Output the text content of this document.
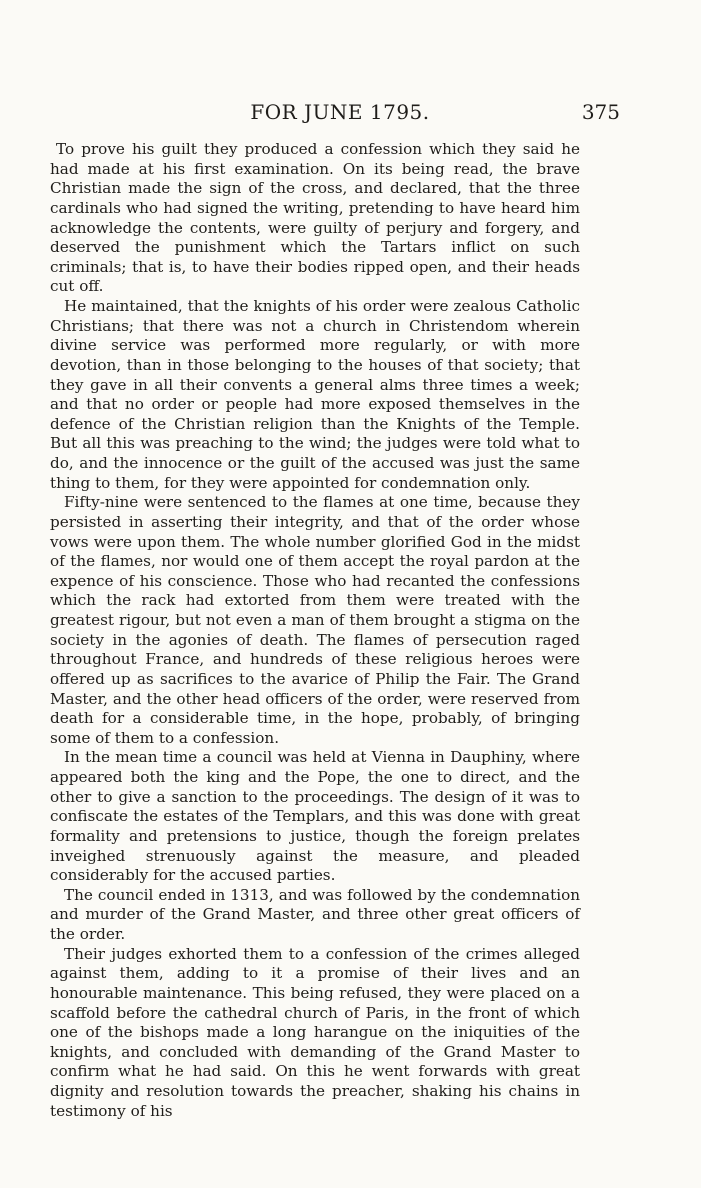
FOR JUNE 1795.	375

To prove his guilt they produced a confession which they said he had made at his first examination. On its being read, the brave Christian made the sign of the cross, and declared, that the three cardinals who had signed the writing, pretending to have heard him acknowledge the contents, were guilty of perjury and forgery, and deserved the punishment which the Tartars inflict on such criminals; that is, to have their bodies ripped open, and their heads cut off.

He maintained, that the knights of his order were zealous Catholic Christians; that there was not a church in Christendom wherein divine service was performed more regularly, or with more devotion, than in those belonging to the houses of that society; that they gave in all their convents a general alms three times a week; and that no order or people had more exposed themselves in the defence of the Christian religion than the Knights of the Temple. But all this was preaching to the wind; the judges were told what to do, and the innocence or the guilt of the accused was just the same thing to them, for they were appointed for condemnation only.

Fifty-nine were sentenced to the flames at one time, because they persisted in asserting their integrity, and that of the order whose vows were upon them. The whole number glorified God in the midst of the flames, nor would one of them accept the royal pardon at the expence of his conscience. Those who had recanted the confessions which the rack had extorted from them were treated with the greatest rigour, but not even a man of them brought a stigma on the society in the agonies of death. The flames of persecution raged throughout France, and hundreds of these religious heroes were offered up as sacrifices to the avarice of Philip the Fair. The Grand Master, and the other head officers of the order, were reserved from death for a considerable time, in the hope, probably, of bringing some of them to a confession.

In the mean time a council was held at Vienna in Dauphiny, where appeared both the king and the Pope, the one to direct, and the other to give a sanction to the proceedings. The design of it was to confiscate the estates of the Templars, and this was done with great formality and pretensions to justice, though the foreign prelates inveighed strenuously against the measure, and pleaded considerably for the accused parties.

The council ended in 1313, and was followed by the condemnation and murder of the Grand Master, and three other great officers of the order.

Their judges exhorted them to a confession of the crimes alleged against them, adding to it a promise of their lives and an honourable maintenance. This being refused, they were placed on a scaffold before the cathedral church of Paris, in the front of which one of the bishops made a long harangue on the iniquities of the knights, and concluded with demanding of the Grand Master to confirm what he had said. On this he went forwards with great dignity and resolution towards the preacher, shaking his chains in testimony of his
